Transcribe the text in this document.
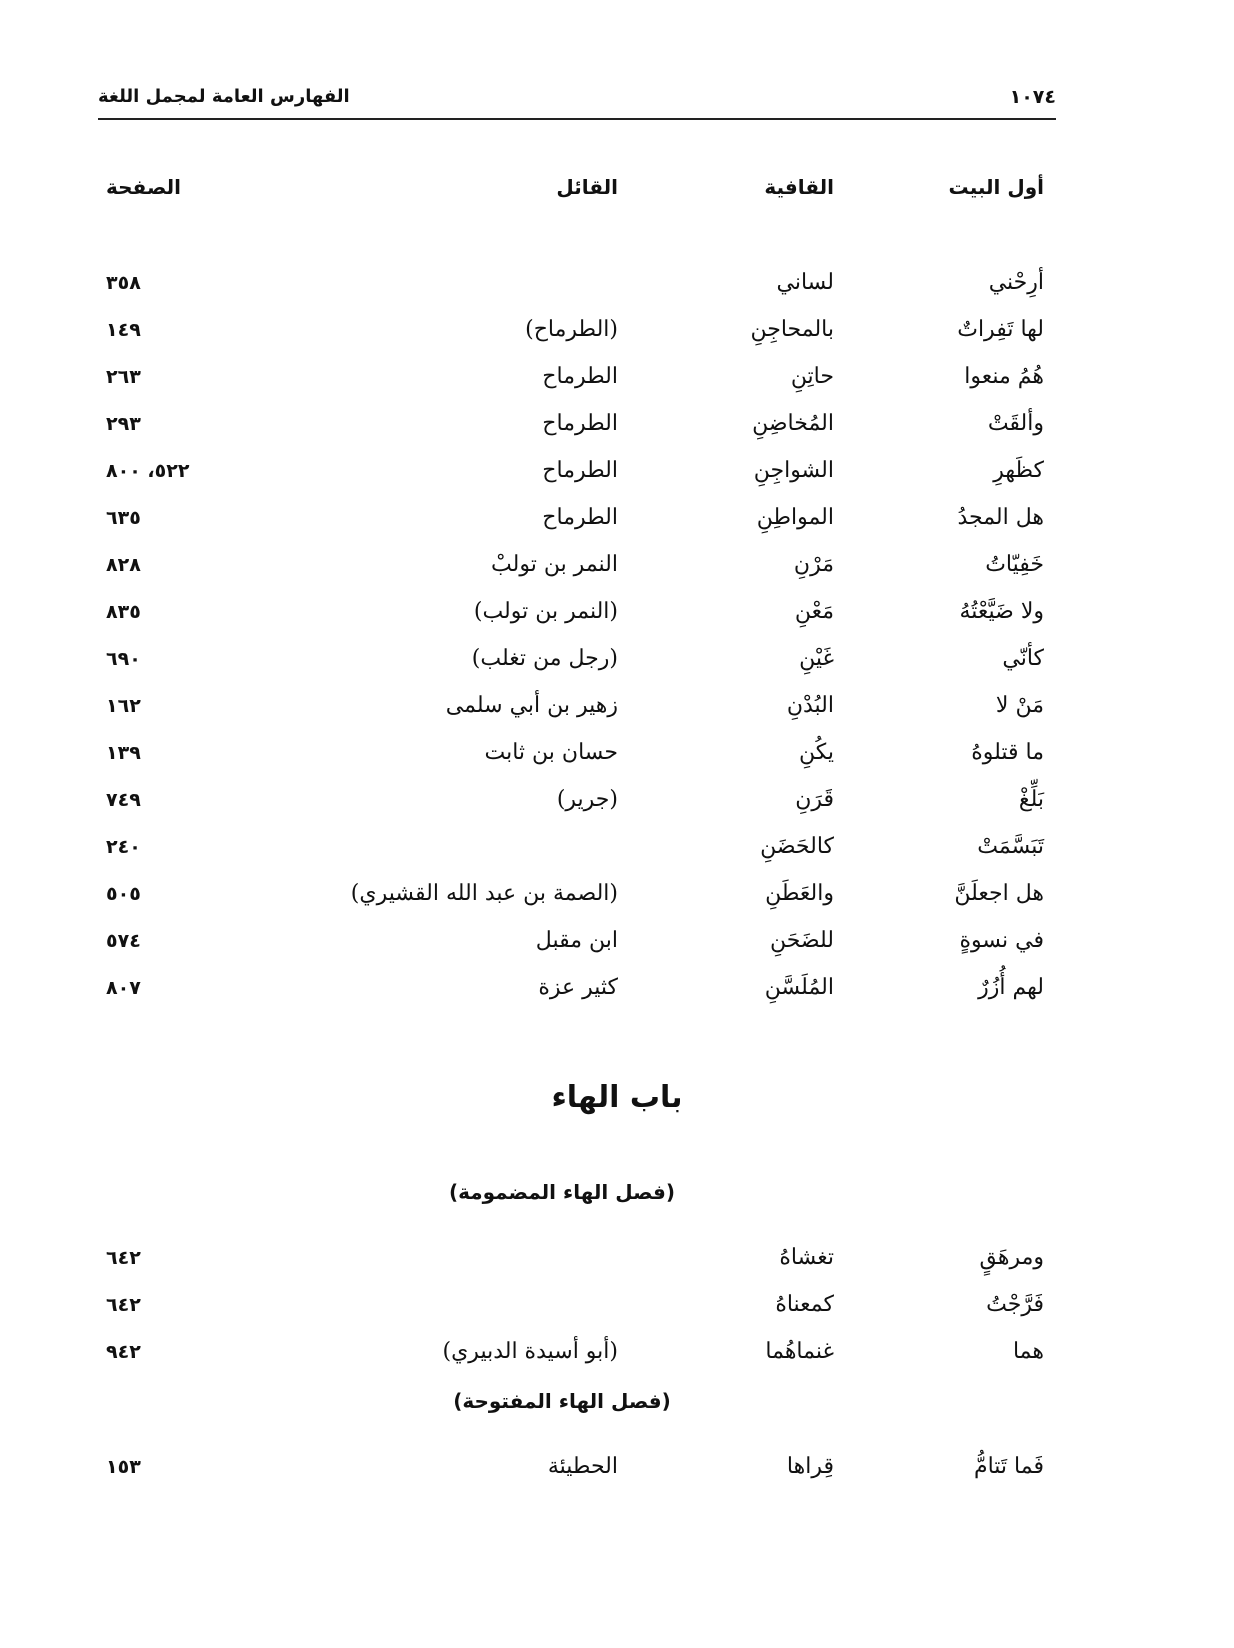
الفهارس العامة لمجمل اللغة	١٠٧٤
أول البيت
القافية
القائل
الصفحة
أرِحْني
لساني
٣٥٨
لها تَفِراتٌ
بالمحاجِنِ
(الطرماح)
١٤٩
هُمُ منعوا
حاتِنِ
الطرماح
٢٦٣
وألقَتْ
المُخاضِنِ
الطرماح
٢٩٣
كظَهرِ
الشواجِنِ
الطرماح
٥٢٢، ٨٠٠
هل المجدُ
المواطِنِ
الطرماح
٦٣٥
خَفِيّاتُ
مَرْنِ
النمر بن تولبْ
٨٢٨
ولا ضَيَّعْتُهُ
مَعْنِ
(النمر بن تولب)
٨٣٥
كأنّي
غَيْنِ
(رجل من تغلب)
٦٩٠
مَنْ لا
البُدْنِ
زهير بن أبي سلمى
١٦٢
ما قتلوهُ
يكُنِ
حسان بن ثابت
١٣٩
بَلِّغْ
قَرَنِ
(جرير)
٧٤٩
تَبَسَّمَتْ
كالحَضَنِ
٢٤٠
هل اجعلَنَّ
والعَطَنِ
(الصمة بن عبد الله القشيري)
٥٠٥
في نسوةٍ
للضَحَنِ
ابن مقبل
٥٧٤
لهم أُزُرٌ
المُلَسَّنِ
كثير عزة
٨٠٧
باب الهاء
(فصل الهاء المضمومة)
ومرهَقٍ
تغشاهُ
٦٤٢
فَرَّجْتُ
كمعناهُ
٦٤٢
هما
غنماهُما
(أبو أسيدة الدبيري)
٩٤٢
(فصل الهاء المفتوحة)
فَما تَتامُّ
قِراها
الحطيئة
١٥٣
